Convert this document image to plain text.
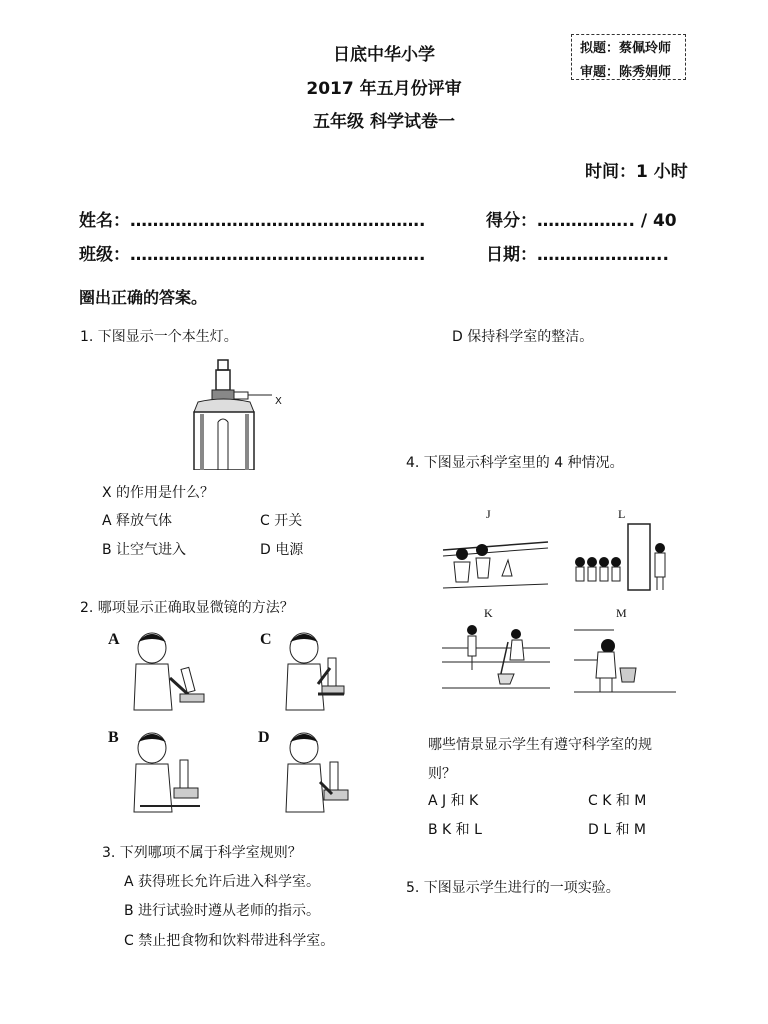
日底中华小学
2017 年五月份评审
五年级 科学试卷一
拟题：蔡佩玲师
审题：陈秀娟师
时间：1 小时
姓名：…………………………………………….	得分：…………….. / 40
班级：…………………………………………….	日期：…………………..
圈出正确的答案。
1. 下图显示一个本生灯。
X
X 的作用是什么？
A 释放气体	C 开关
B 让空气进入	D 电源
2. 哪项显示正确取显微镜的方法？
A	C
B	D
3. 下列哪项不属于科学室规则？
A 获得班长允许后进入科学室。
B 进行试验时遵从老师的指示。
C 禁止把食物和饮料带进科学室。
D 保持科学室的整洁。
4. 下图显示科学室里的 4 种情况。
J	L
K	M
哪些情景显示学生有遵守科学室的规
则？
A J 和 K	C K 和 M
B K 和 L	D L 和 M
5. 下图显示学生进行的一项实验。
